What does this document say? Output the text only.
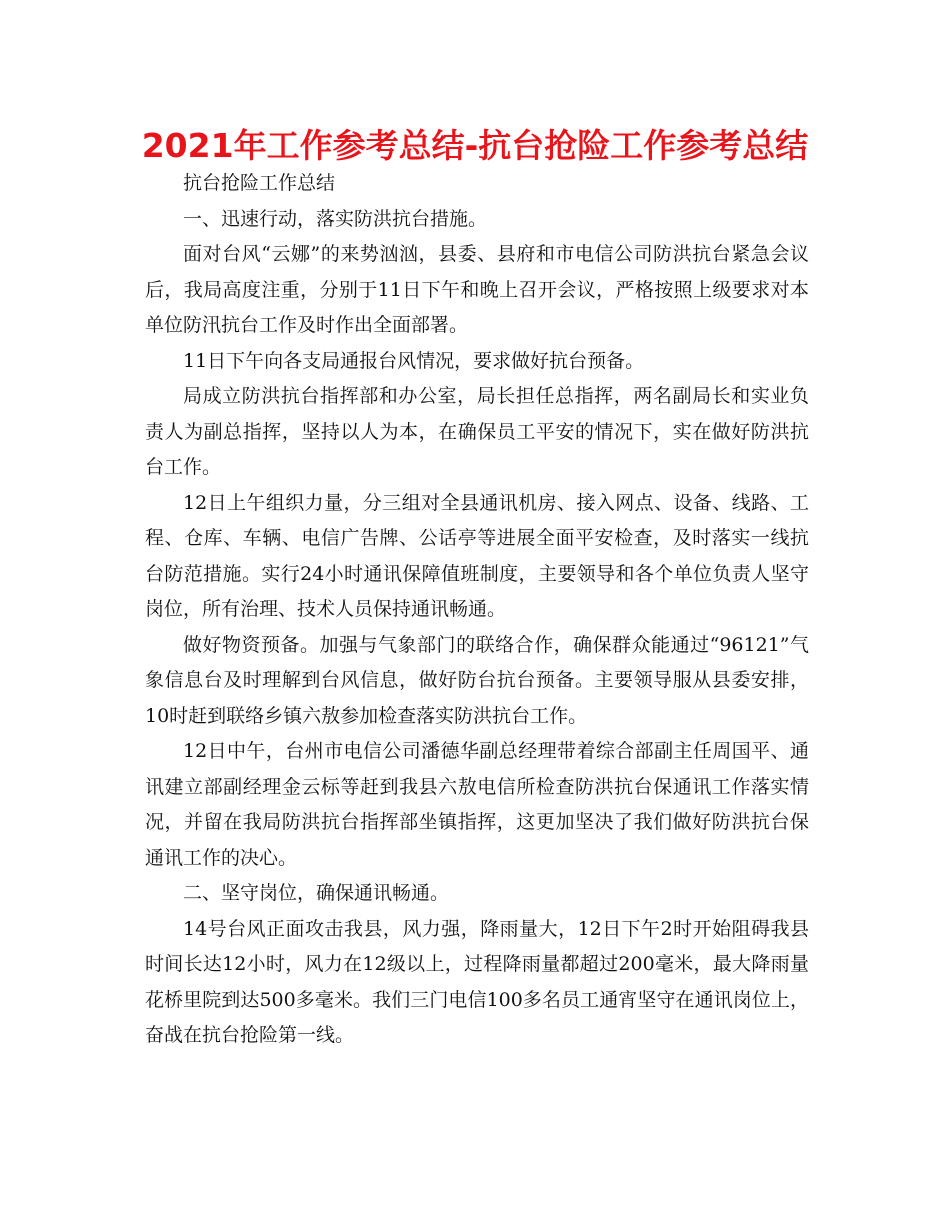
2021年工作参考总结-抗台抢险工作参考总结

抗台抢险工作总结

一、迅速行动，落实防洪抗台措施。

面对台风“云娜”的来势汹汹，县委、县府和市电信公司防洪抗台紧急会议后，我局高度注重，分别于11日下午和晚上召开会议，严格按照上级要求对本单位防汛抗台工作及时作出全面部署。

11日下午向各支局通报台风情况，要求做好抗台预备。

局成立防洪抗台指挥部和办公室，局长担任总指挥，两名副局长和实业负责人为副总指挥，坚持以人为本，在确保员工平安的情况下，实在做好防洪抗台工作。

12日上午组织力量，分三组对全县通讯机房、接入网点、设备、线路、工程、仓库、车辆、电信广告牌、公话亭等进展全面平安检查，及时落实一线抗台防范措施。实行24小时通讯保障值班制度，主要领导和各个单位负责人坚守岗位，所有治理、技术人员保持通讯畅通。

做好物资预备。加强与气象部门的联络合作，确保群众能通过“96121”气象信息台及时理解到台风信息，做好防台抗台预备。主要领导服从县委安排，10时赶到联络乡镇六敖参加检查落实防洪抗台工作。

12日中午，台州市电信公司潘德华副总经理带着综合部副主任周国平、通讯建立部副经理金云标等赶到我县六敖电信所检查防洪抗台保通讯工作落实情况，并留在我局防洪抗台指挥部坐镇指挥，这更加坚决了我们做好防洪抗台保通讯工作的决心。

二、坚守岗位，确保通讯畅通。

14号台风正面攻击我县，风力强，降雨量大，12日下午2时开始阻碍我县时间长达12小时，风力在12级以上，过程降雨量都超过200毫米，最大降雨量花桥里院到达500多毫米。我们三门电信100多名员工通宵坚守在通讯岗位上，奋战在抗台抢险第一线。
